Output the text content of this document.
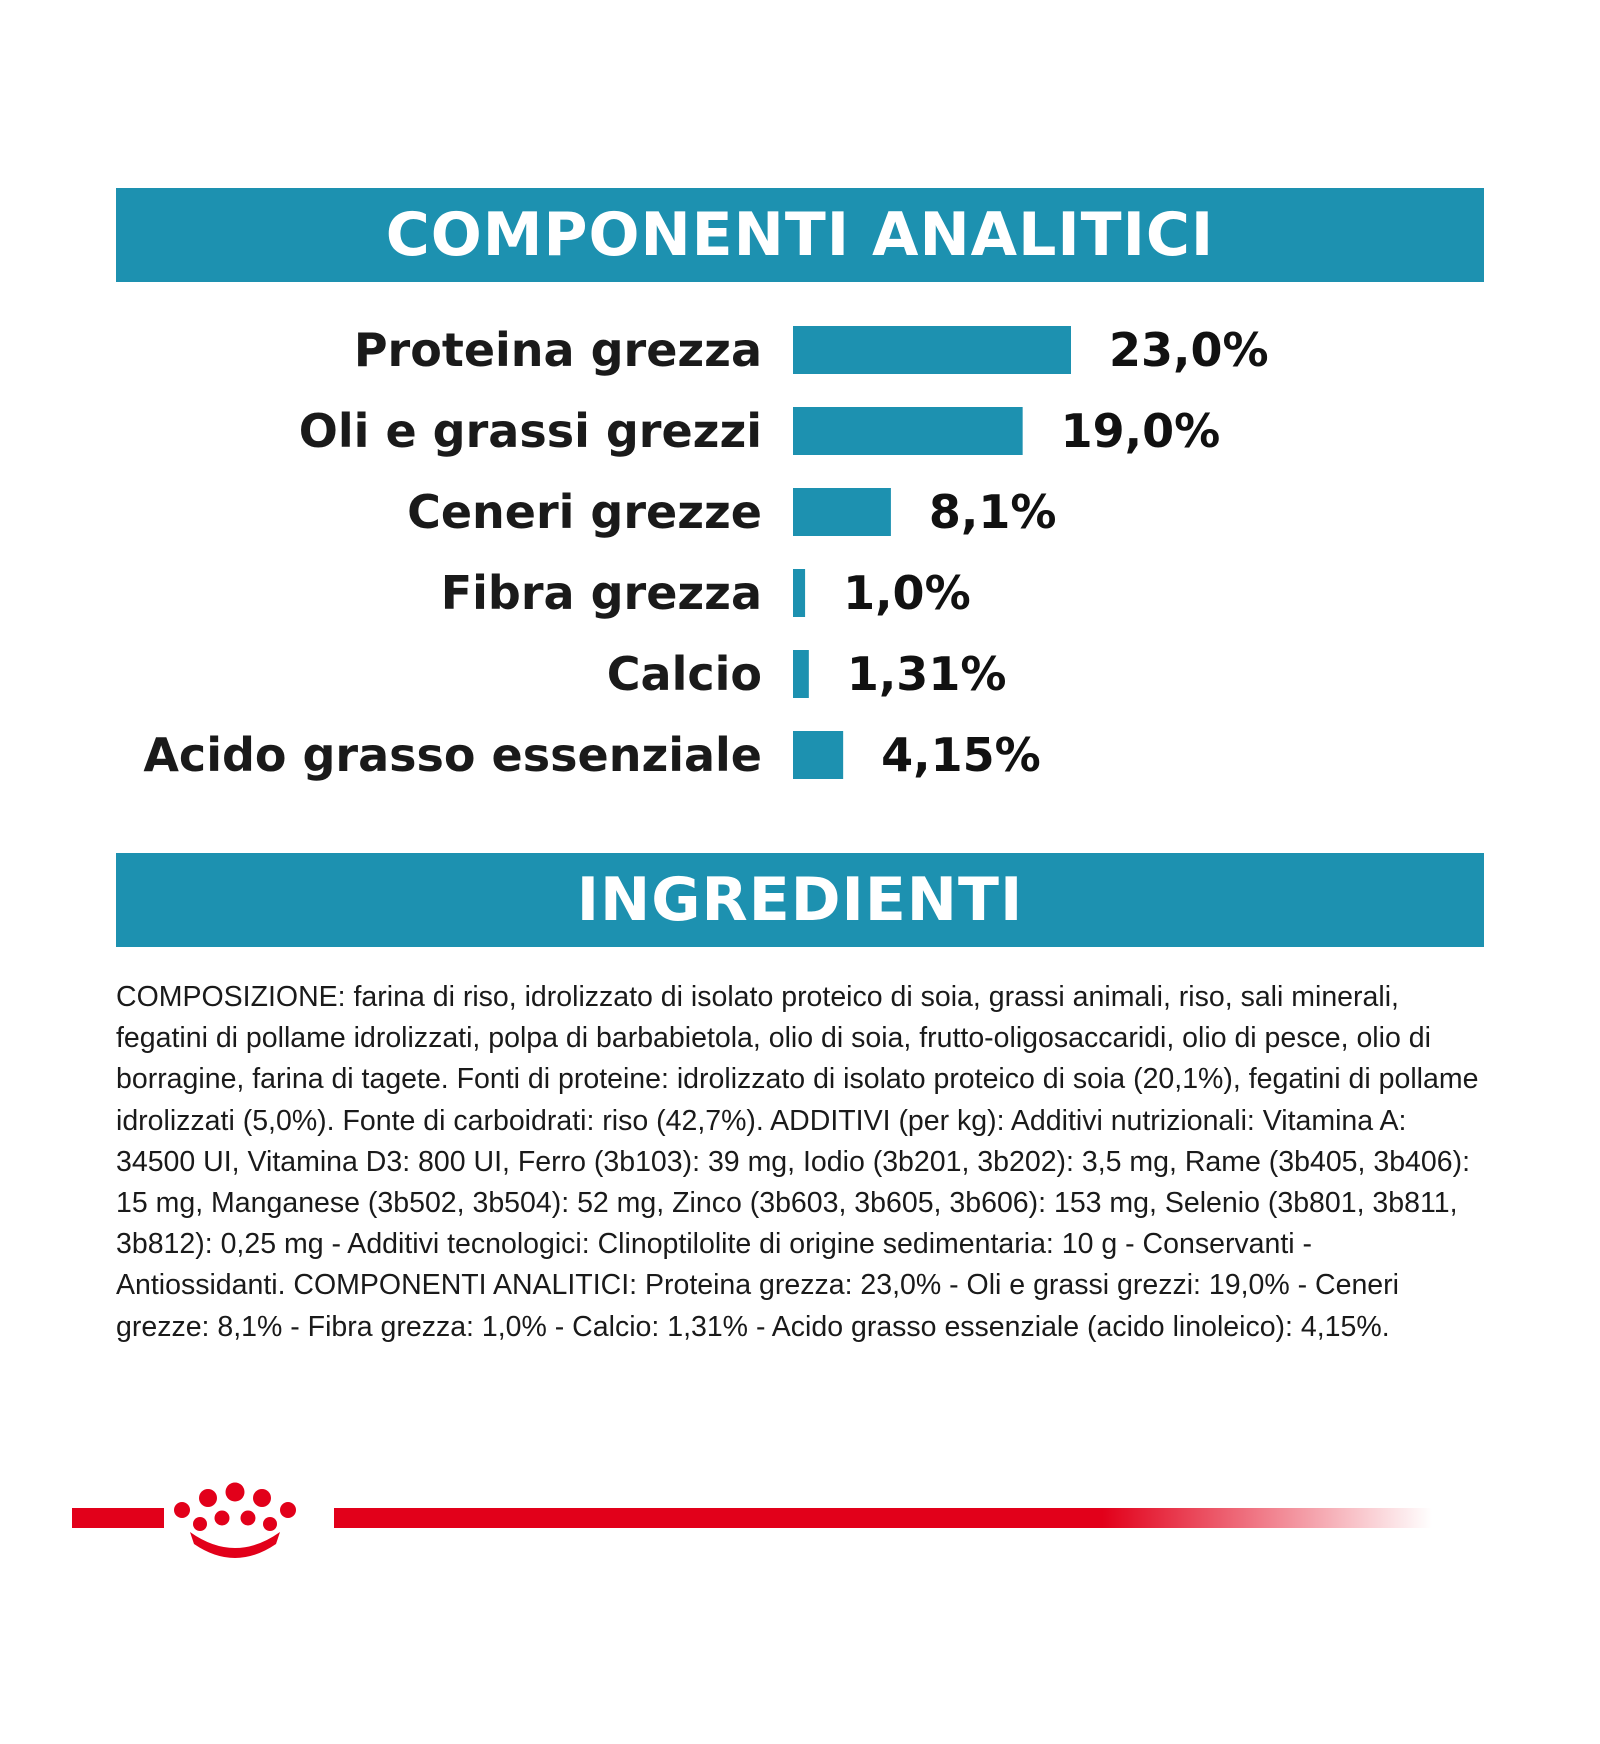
COMPONENTI ANALITICI
Proteina grezza	23,0%
Oli e grassi grezzi	19,0%
Ceneri grezze	8,1%
Fibra grezza 1,0%
Calcio 1,31%
Acido grasso essenziale	4,15%
INGREDIENTI

COMPOSIZIONE: farina di riso, idrolizzato di isolato proteico di soia, grassi animali, riso, sali minerali, fegatini di pollame idrolizzati, polpa di barbabietola, olio di soia, frutto-oligosaccaridi, olio di pesce, olio di borragine, farina di tagete. Fonti di proteine: idrolizzato di isolato proteico di soia (20,1%), fegatini di pollame idrolizzati (5,0%). Fonte di carboidrati: riso (42,7%). ADDITIVI (per kg): Additivi nutrizionali: Vitamina A: 34500 UI, Vitamina D3: 800 UI, Ferro (3b103): 39 mg, Iodio (3b201, 3b202): 3,5 mg, Rame (3b405, 3b406): 15 mg, Manganese (3b502, 3b504): 52 mg, Zinco (3b603, 3b605, 3b606): 153 mg, Selenio (3b801, 3b811, 3b812): 0,25 mg - Additivi tecnologici: Clinoptilolite di origine sedimentaria: 10 g - Conservanti - Antiossidanti. COMPONENTI ANALITICI: Proteina grezza: 23,0% - Oli e grassi grezzi: 19,0% - Ceneri grezze: 8,1% - Fibra grezza: 1,0% - Calcio: 1,31% - Acido grasso essenziale (acido linoleico): 4,15%.
